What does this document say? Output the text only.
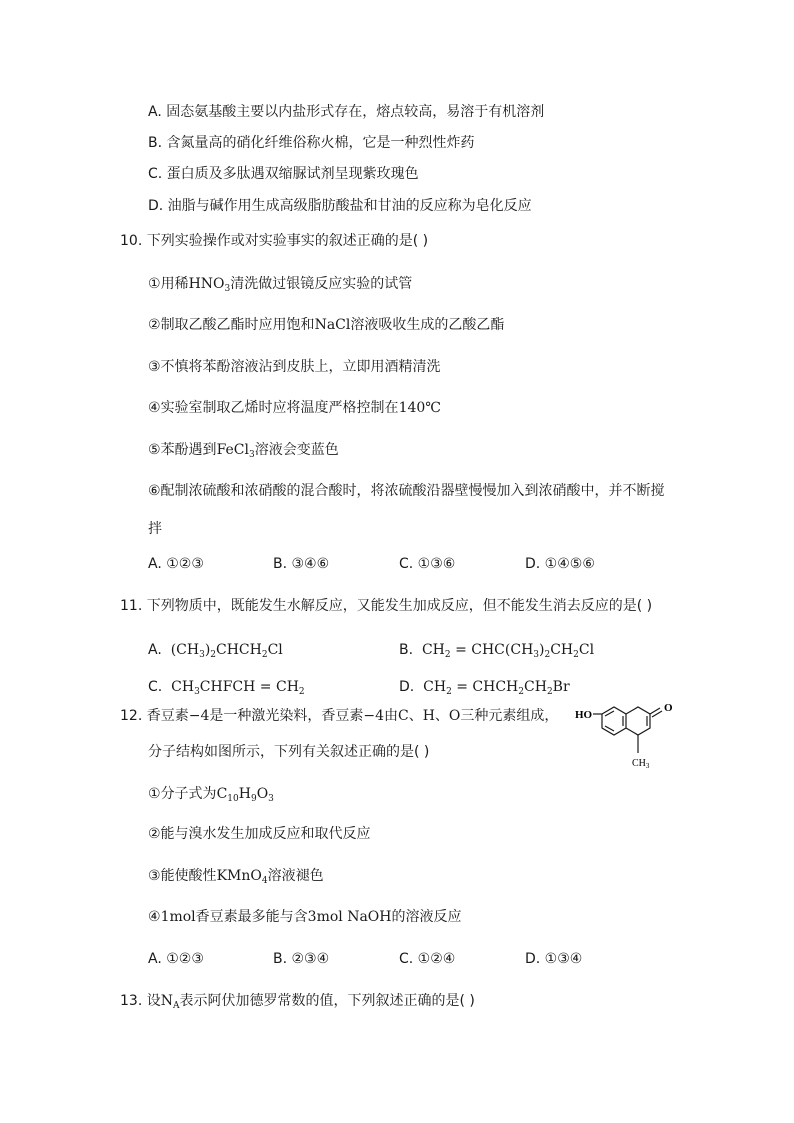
A. 固态氨基酸主要以内盐形式存在，熔点较高，易溶于有机溶剂
B. 含氮量高的硝化纤维俗称火棉，它是一种烈性炸药
C. 蛋白质及多肽遇双缩脲试剂呈现紫玫瑰色
D. 油脂与碱作用生成高级脂肪酸盐和甘油的反应称为皂化反应
10. 下列实验操作或对实验事实的叙述正确的是( )
①用稀$HNO_3$清洗做过银镜反应实验的试管
②制取乙酸乙酯时应用饱和NaCl溶液吸收生成的乙酸乙酯
③不慎将苯酚溶液沾到皮肤上，立即用酒精清洗
④实验室制取乙烯时应将温度严格控制在140℃
⑤苯酚遇到FeCl$_3$溶液会变蓝色
⑥配制浓硫酸和浓硝酸的混合酸时，将浓硫酸沿器壁慢慢加入到浓硝酸中，并不断搅
拌
A. ①②③	B. ③④⑥	C. ①③⑥	D. ①④⑤⑥
11. 下列物质中，既能发生水解反应，又能发生加成反应，但不能发生消去反应的是( )
A. $(CH_3)_2CHCH_2Cl$	B. $CH_2 = CHC(CH_3)_2CH_2Cl$
C. $CH_3CHFCH = CH_2$	D. $CH_2$ = $CHCH_2CH_2Br$
12. 香豆素−4是一种激光染料，香豆素−4由C、H、O三种元素组成，
分子结构如图所示，下列有关叙述正确的是( )
HO
O
$CH_3$
①分子式为$C_{10}H_9O_3$
②能与溴水发生加成反应和取代反应
③能使酸性KMnO$_4$溶液褪色
④1mol香豆素最多能与含3mol NaOH的溶液反应
A. ①②③	B. ②③④	C. ①②④	D. ①③④
13. 设$N_A$表示阿伏加德罗常数的值，下列叙述正确的是( )
